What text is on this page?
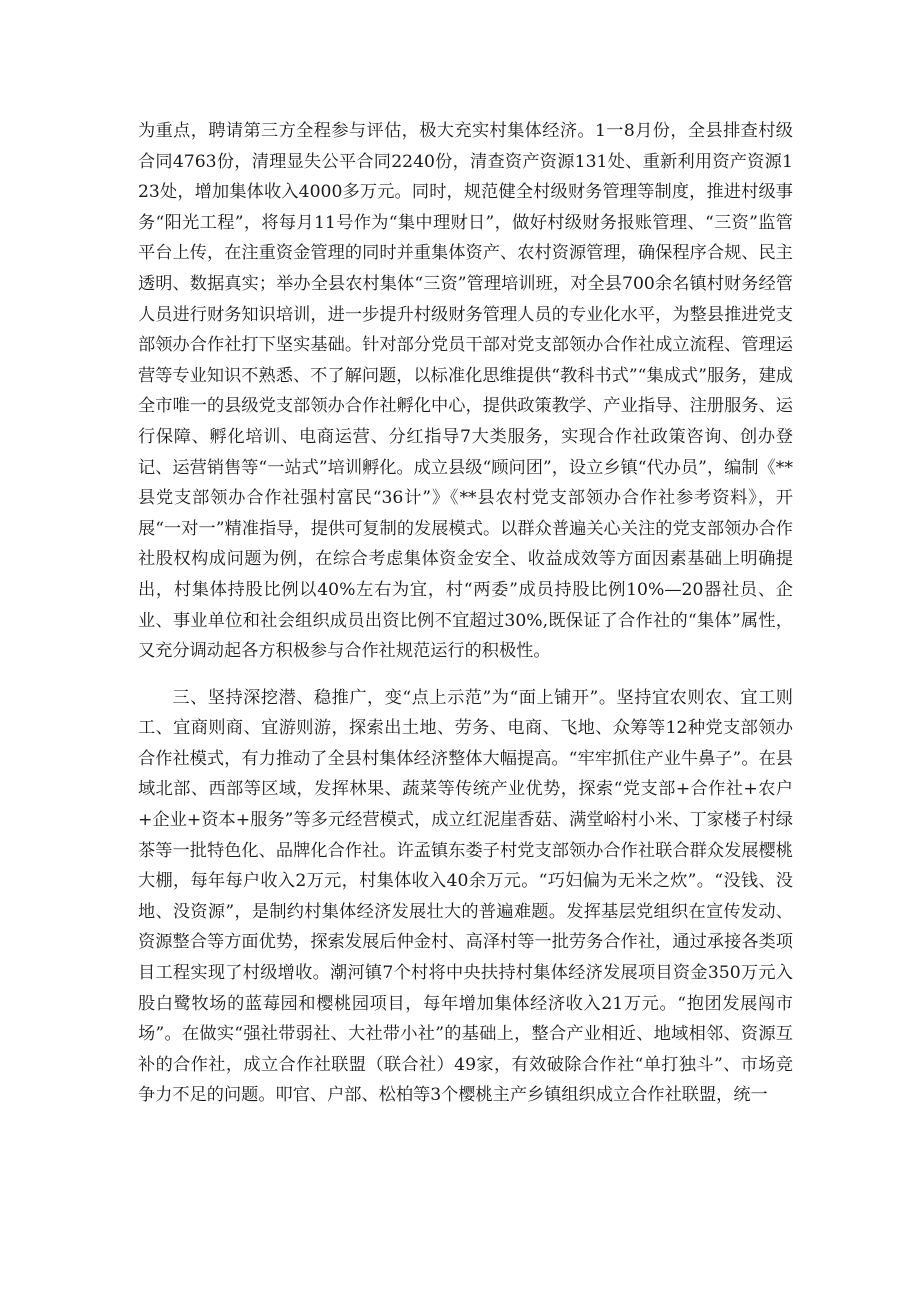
为重点，聘请第三方全程参与评估，极大充实村集体经济。1一8月份，全县排查村级合同4763份，清理显失公平合同2240份，清查资产资源131处、重新利用资产资源123处，增加集体收入4000多万元。同时，规范健全村级财务管理等制度，推进村级事务“阳光工程”，将每月11号作为“集中理财日”，做好村级财务报账管理、“三资”监管平台上传，在注重资金管理的同时并重集体资产、农村资源管理，确保程序合规、民主透明、数据真实；举办全县农村集体“三资”管理培训班，对全县700余名镇村财务经管人员进行财务知识培训，进一步提升村级财务管理人员的专业化水平，为整县推进党支部领办合作社打下坚实基础。针对部分党员干部对党支部领办合作社成立流程、管理运营等专业知识不熟悉、不了解问题，以标准化思维提供“教科书式”“集成式”服务，建成全市唯一的县级党支部领办合作社孵化中心，提供政策教学、产业指导、注册服务、运行保障、孵化培训、电商运营、分红指导7大类服务，实现合作社政策咨询、创办登记、运营销售等“一站式”培训孵化。成立县级“顾问团”，设立乡镇“代办员”，编制《**县党支部领办合作社强村富民“36计”》《**县农村党支部领办合作社参考资料》，开展“一对一”精准指导，提供可复制的发展模式。以群众普遍关心关注的党支部领办合作社股权构成问题为例，在综合考虑集体资金安全、收益成效等方面因素基础上明确提出，村集体持股比例以40%左右为宜，村“两委”成员持股比例10%—20器社员、企业、事业单位和社会组织成员出资比例不宜超过30%,既保证了合作社的“集体”属性，又充分调动起各方积极参与合作社规范运行的积极性。

三、坚持深挖潜、稳推广，变“点上示范”为“面上铺开”。坚持宜农则农、宜工则工、宜商则商、宜游则游，探索出土地、劳务、电商、飞地、众筹等12种党支部领办合作社模式，有力推动了全县村集体经济整体大幅提高。“牢牢抓住产业牛鼻子”。在县域北部、西部等区域，发挥林果、蔬菜等传统产业优势，探索“党支部+合作社+农户+企业+资本+服务”等多元经营模式，成立红泥崖香菇、满堂峪村小米、丁家楼子村绿茶等一批特色化、品牌化合作社。许孟镇东娄子村党支部领办合作社联合群众发展樱桃大棚，每年每户收入2万元，村集体收入40余万元。“巧妇偏为无米之炊”。“没钱、没地、没资源”，是制约村集体经济发展壮大的普遍难题。发挥基层党组织在宣传发动、资源整合等方面优势，探索发展后仲金村、高泽村等一批劳务合作社，通过承接各类项目工程实现了村级增收。潮河镇7个村将中央扶持村集体经济发展项目资金350万元入股白鹭牧场的蓝莓园和樱桃园项目，每年增加集体经济收入21万元。“抱团发展闯市场”。在做实“强社带弱社、大社带小社”的基础上，整合产业相近、地域相邻、资源互补的合作社，成立合作社联盟（联合社）49家，有效破除合作社“单打独斗”、市场竞争力不足的问题。叩官、户部、松柏等3个樱桃主产乡镇组织成立合作社联盟，统一
